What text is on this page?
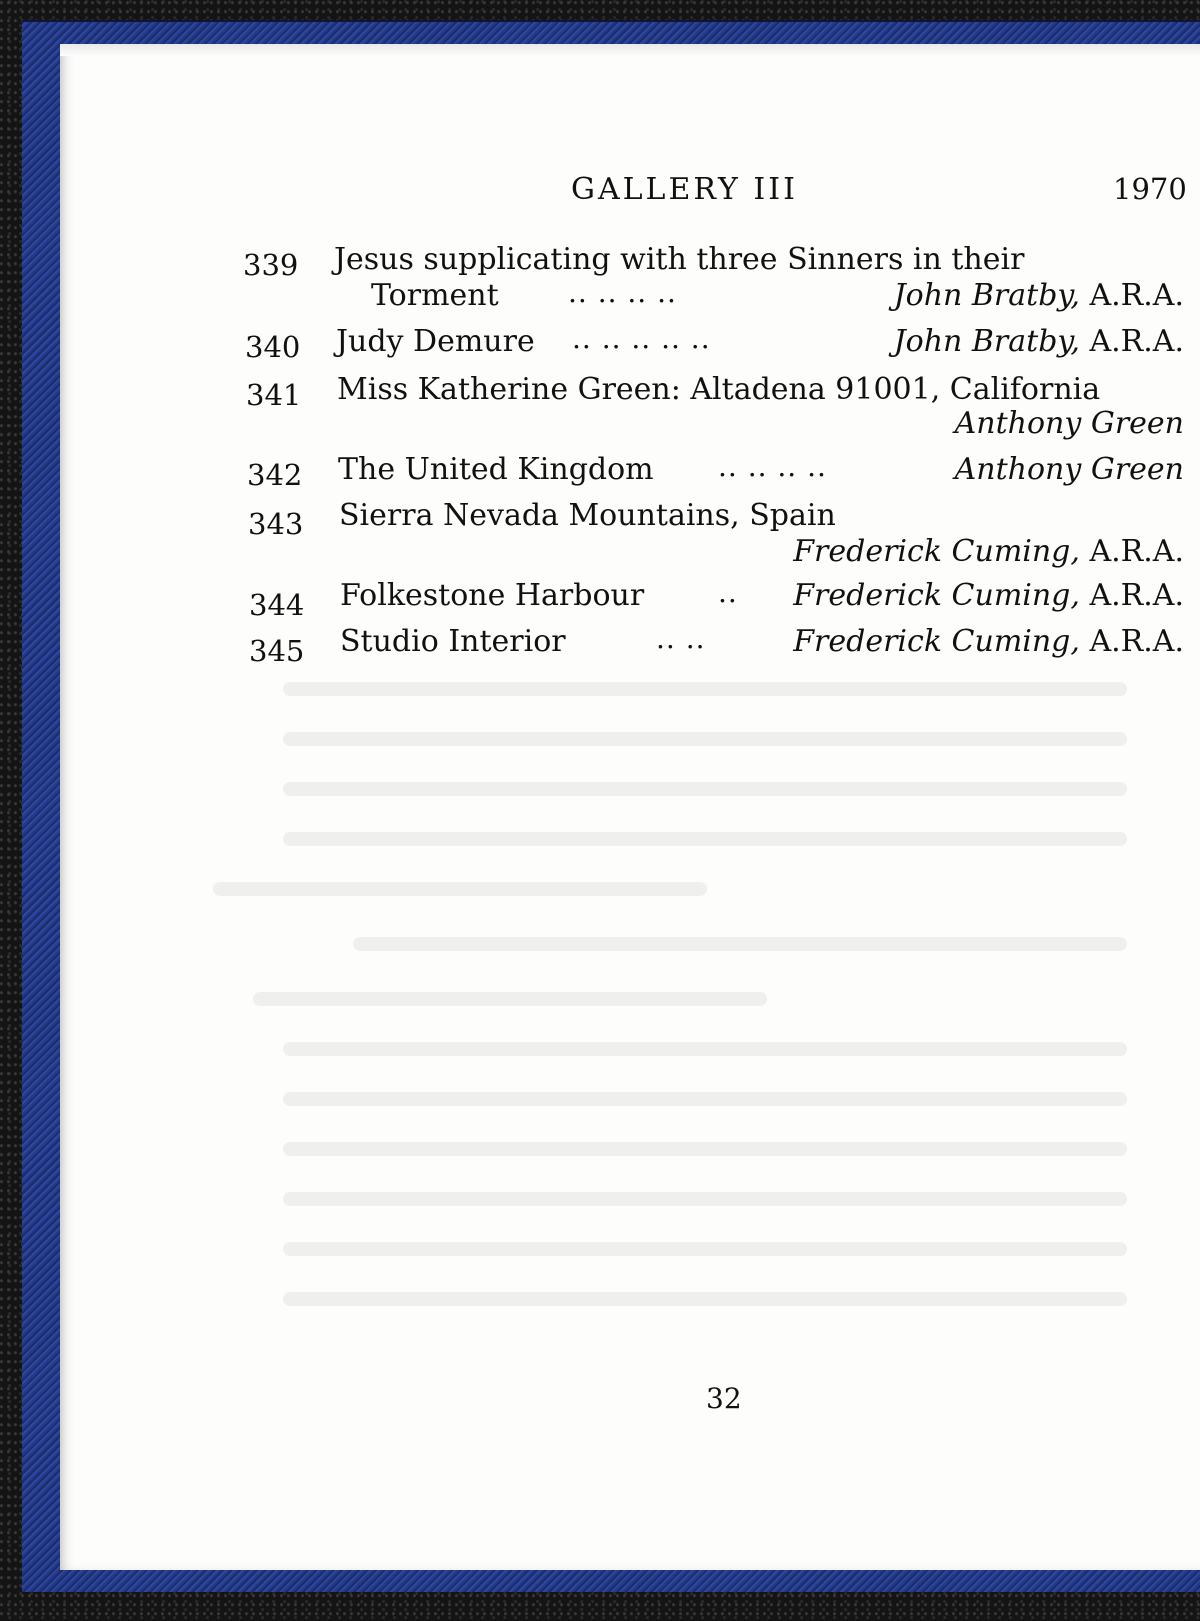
GALLERY III	1970
339	Jesus supplicating with three Sinners in their
Torment .. .. .. ..	John Bratby, A.R.A.
340	Judy Demure .. .. .. .. ..	John Bratby, A.R.A.
341	Miss Katherine Green: Altadena 91001, California
Anthony Green
342	The United Kingdom .. .. .. ..	Anthony Green
343	Sierra Nevada Mountains, Spain
Frederick Cuming, A.R.A.
344	Folkestone Harbour	.. Frederick Cuming, A.R.A.
345	Studio Interior	.. ..	Frederick Cuming, A.R.A.
32
